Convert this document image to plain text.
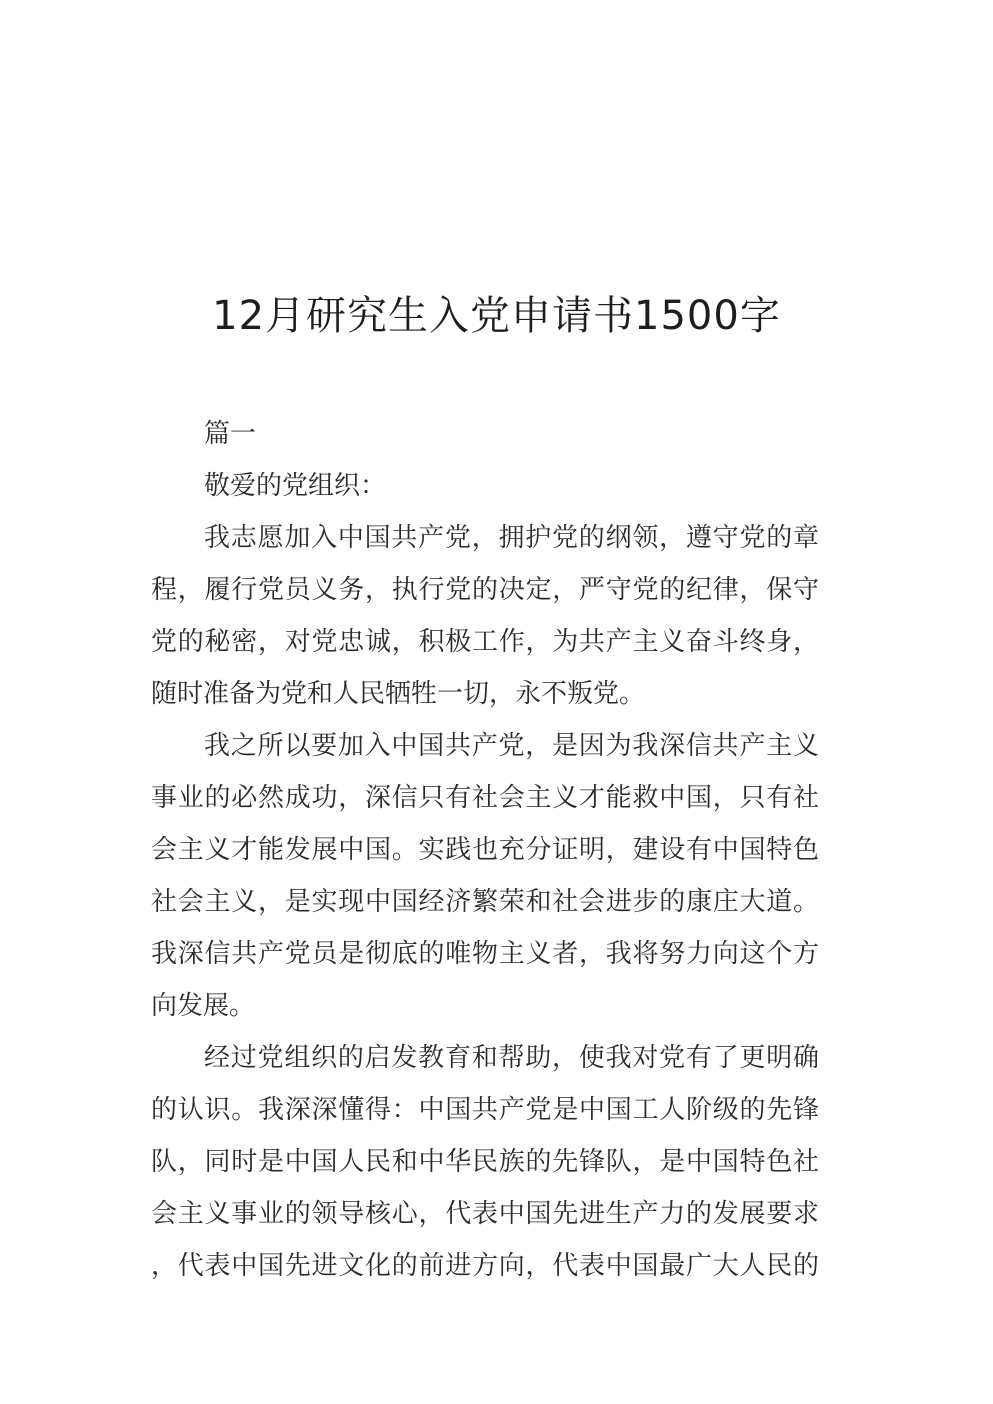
12月研究生入党申请书1500字
篇一
敬爱的党组织：
我志愿加入中国共产党，拥护党的纲领，遵守党的章
程，履行党员义务，执行党的决定，严守党的纪律，保守
党的秘密，对党忠诚，积极工作，为共产主义奋斗终身，
随时准备为党和人民牺牲一切，永不叛党。
我之所以要加入中国共产党，是因为我深信共产主义
事业的必然成功，深信只有社会主义才能救中国，只有社
会主义才能发展中国。实践也充分证明，建设有中国特色
社会主义，是实现中国经济繁荣和社会进步的康庄大道。
我深信共产党员是彻底的唯物主义者，我将努力向这个方
向发展。
经过党组织的启发教育和帮助，使我对党有了更明确
的认识。我深深懂得：中国共产党是中国工人阶级的先锋
队，同时是中国人民和中华民族的先锋队，是中国特色社
会主义事业的领导核心，代表中国先进生产力的发展要求
，代表中国先进文化的前进方向，代表中国最广大人民的
